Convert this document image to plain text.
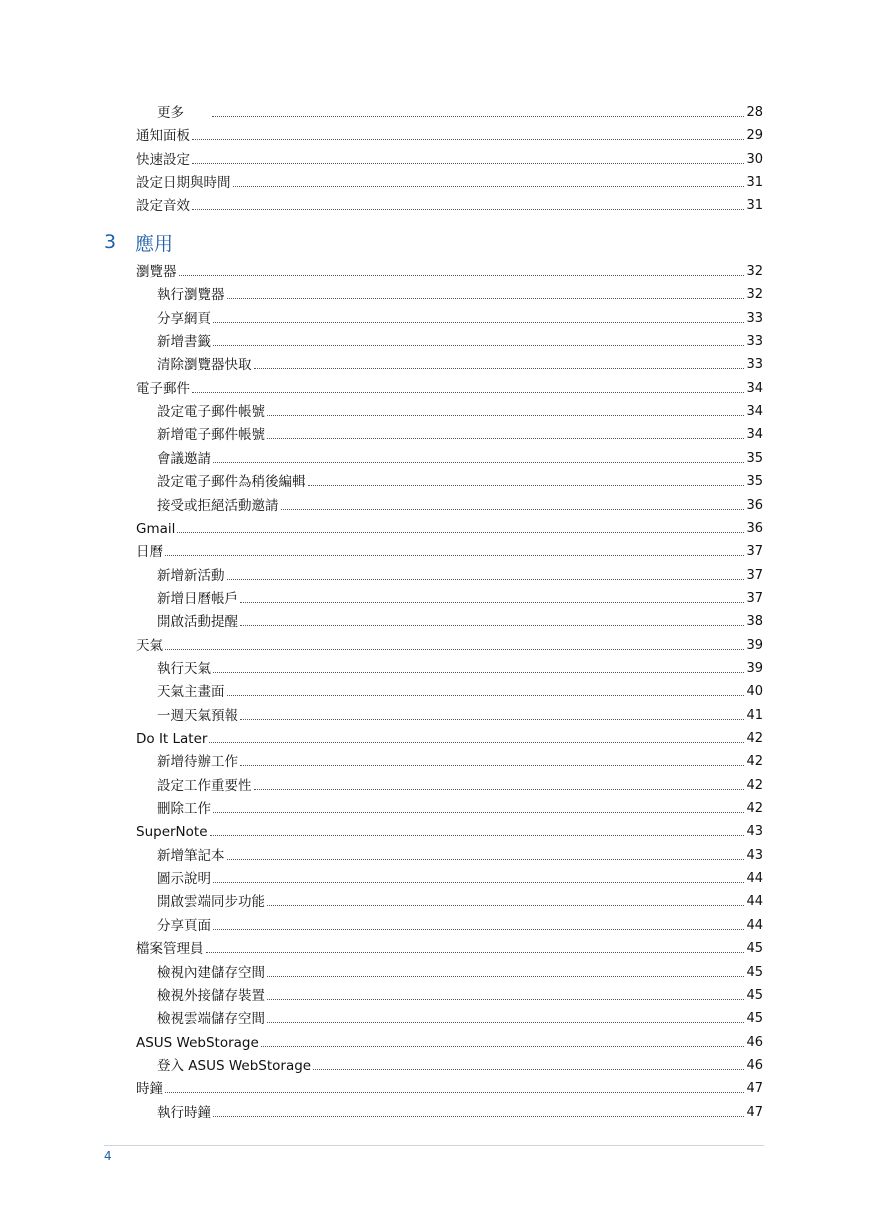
3 應用
更多	28
通知面板	29
快速設定	30
設定日期與時間	31
設定音效	31
瀏覽器	32
執行瀏覽器	32
分享網頁	33
新增書籤	33
清除瀏覽器快取	33
電子郵件	34
設定電子郵件帳號	34
新增電子郵件帳號	34
會議邀請	35
設定電子郵件為稍後編輯	35
接受或拒絕活動邀請	36
Gmail	36
日曆	37
新增新活動	37
新增日曆帳戶	37
開啟活動提醒	38
天氣	39
執行天氣	39
天氣主畫面	40
一週天氣預報	41
Do It Later	42
新增待辦工作	42
設定工作重要性	42
刪除工作	42
SuperNote	43
新增筆記本	43
圖示說明	44
開啟雲端同步功能	44
分享頁面	44
檔案管理員	45
檢視內建儲存空間	45
檢視外接儲存裝置	45
檢視雲端儲存空間	45
ASUS WebStorage	46
登入 ASUS WebStorage	46
時鐘	47
執行時鐘	47
4
